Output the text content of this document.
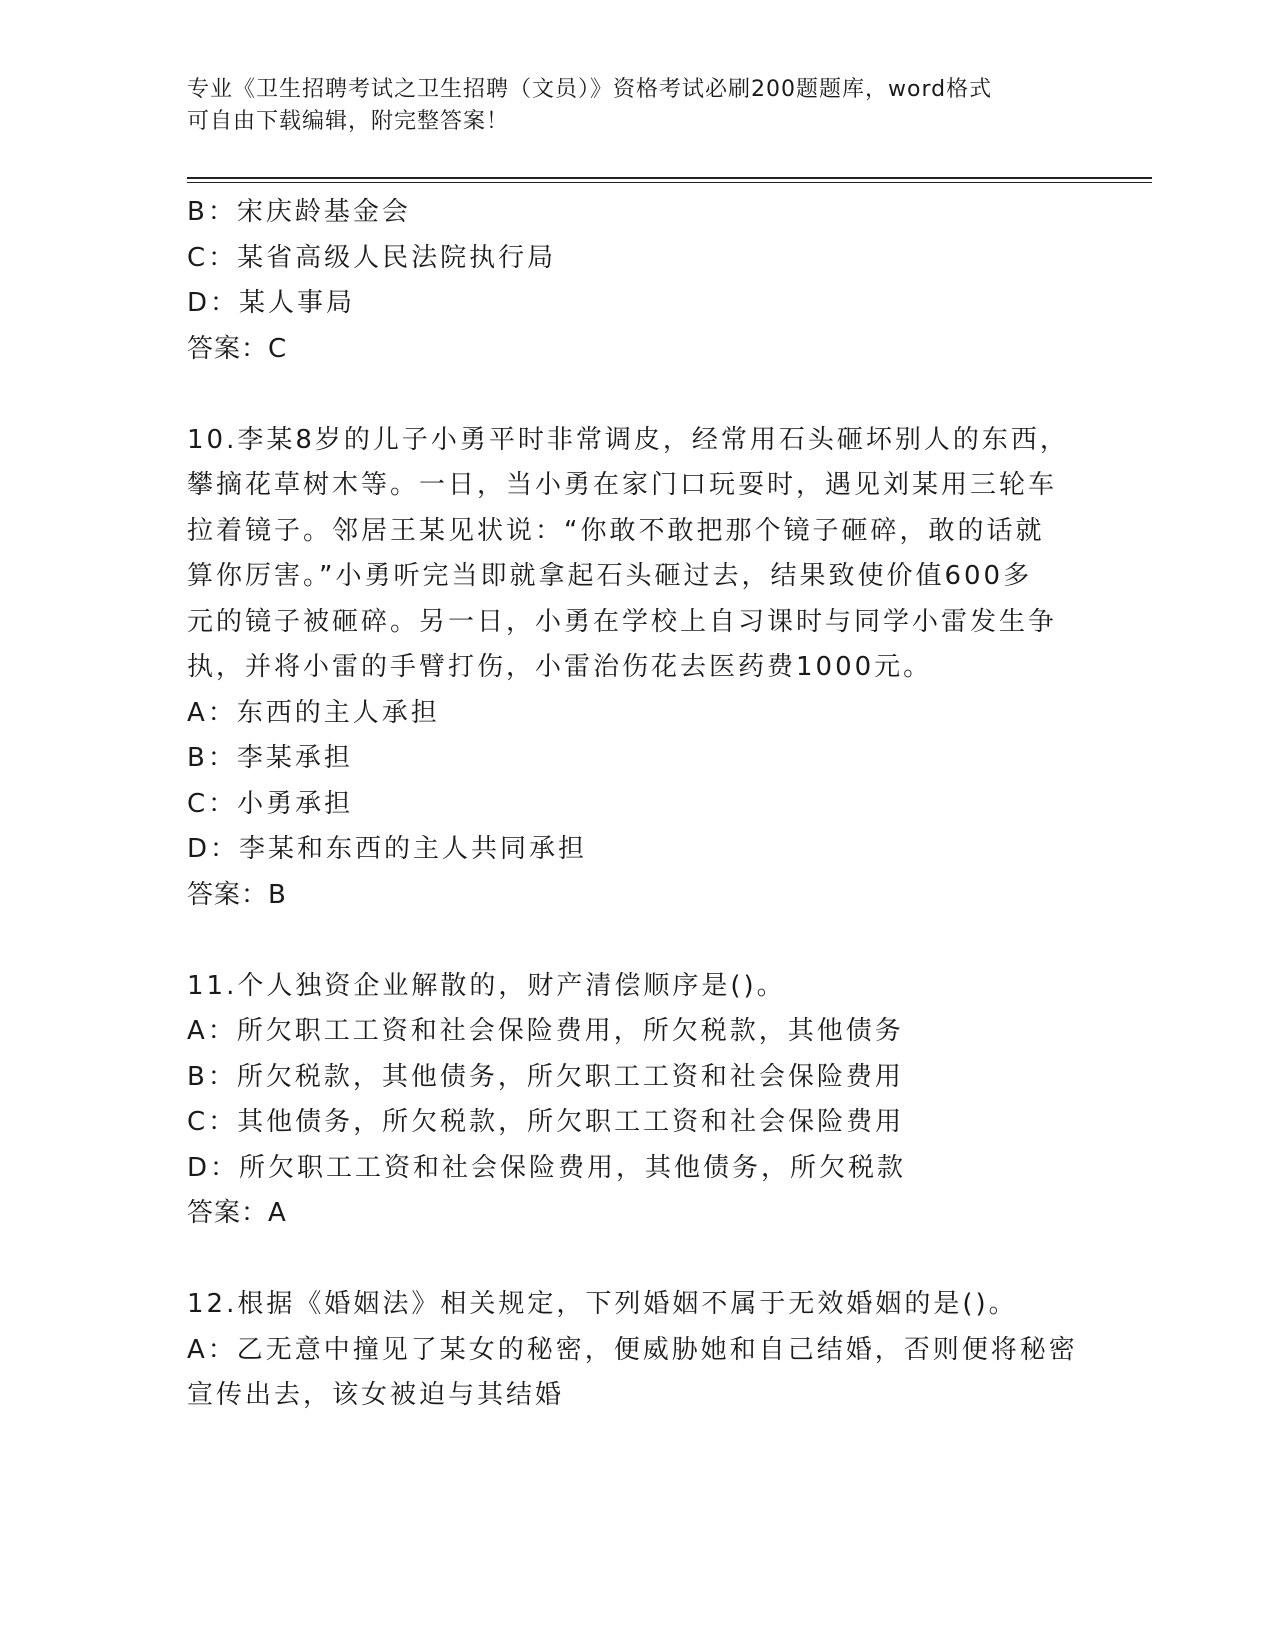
专业《卫生招聘考试之卫生招聘（文员）》资格考试必刷200题题库，word格式
可自由下载编辑，附完整答案！
B：宋庆龄基金会
C：某省高级人民法院执行局
D：某人事局
答案：C
10.李某8岁的儿子小勇平时非常调皮，经常用石头砸坏别人的东西，
攀摘花草树木等。一日，当小勇在家门口玩耍时，遇见刘某用三轮车
拉着镜子。邻居王某见状说：“你敢不敢把那个镜子砸碎，敢的话就
算你厉害。”小勇听完当即就拿起石头砸过去，结果致使价值600多
元的镜子被砸碎。另一日，小勇在学校上自习课时与同学小雷发生争
执，并将小雷的手臂打伤，小雷治伤花去医药费1000元。
A：东西的主人承担
B：李某承担
C：小勇承担
D：李某和东西的主人共同承担
答案：B
11.个人独资企业解散的，财产清偿顺序是()。
A：所欠职工工资和社会保险费用，所欠税款，其他债务
B：所欠税款，其他债务，所欠职工工资和社会保险费用
C：其他债务，所欠税款，所欠职工工资和社会保险费用
D：所欠职工工资和社会保险费用，其他债务，所欠税款
答案：A
12.根据《婚姻法》相关规定，下列婚姻不属于无效婚姻的是()。
A：乙无意中撞见了某女的秘密，便威胁她和自己结婚，否则便将秘密
宣传出去，该女被迫与其结婚
